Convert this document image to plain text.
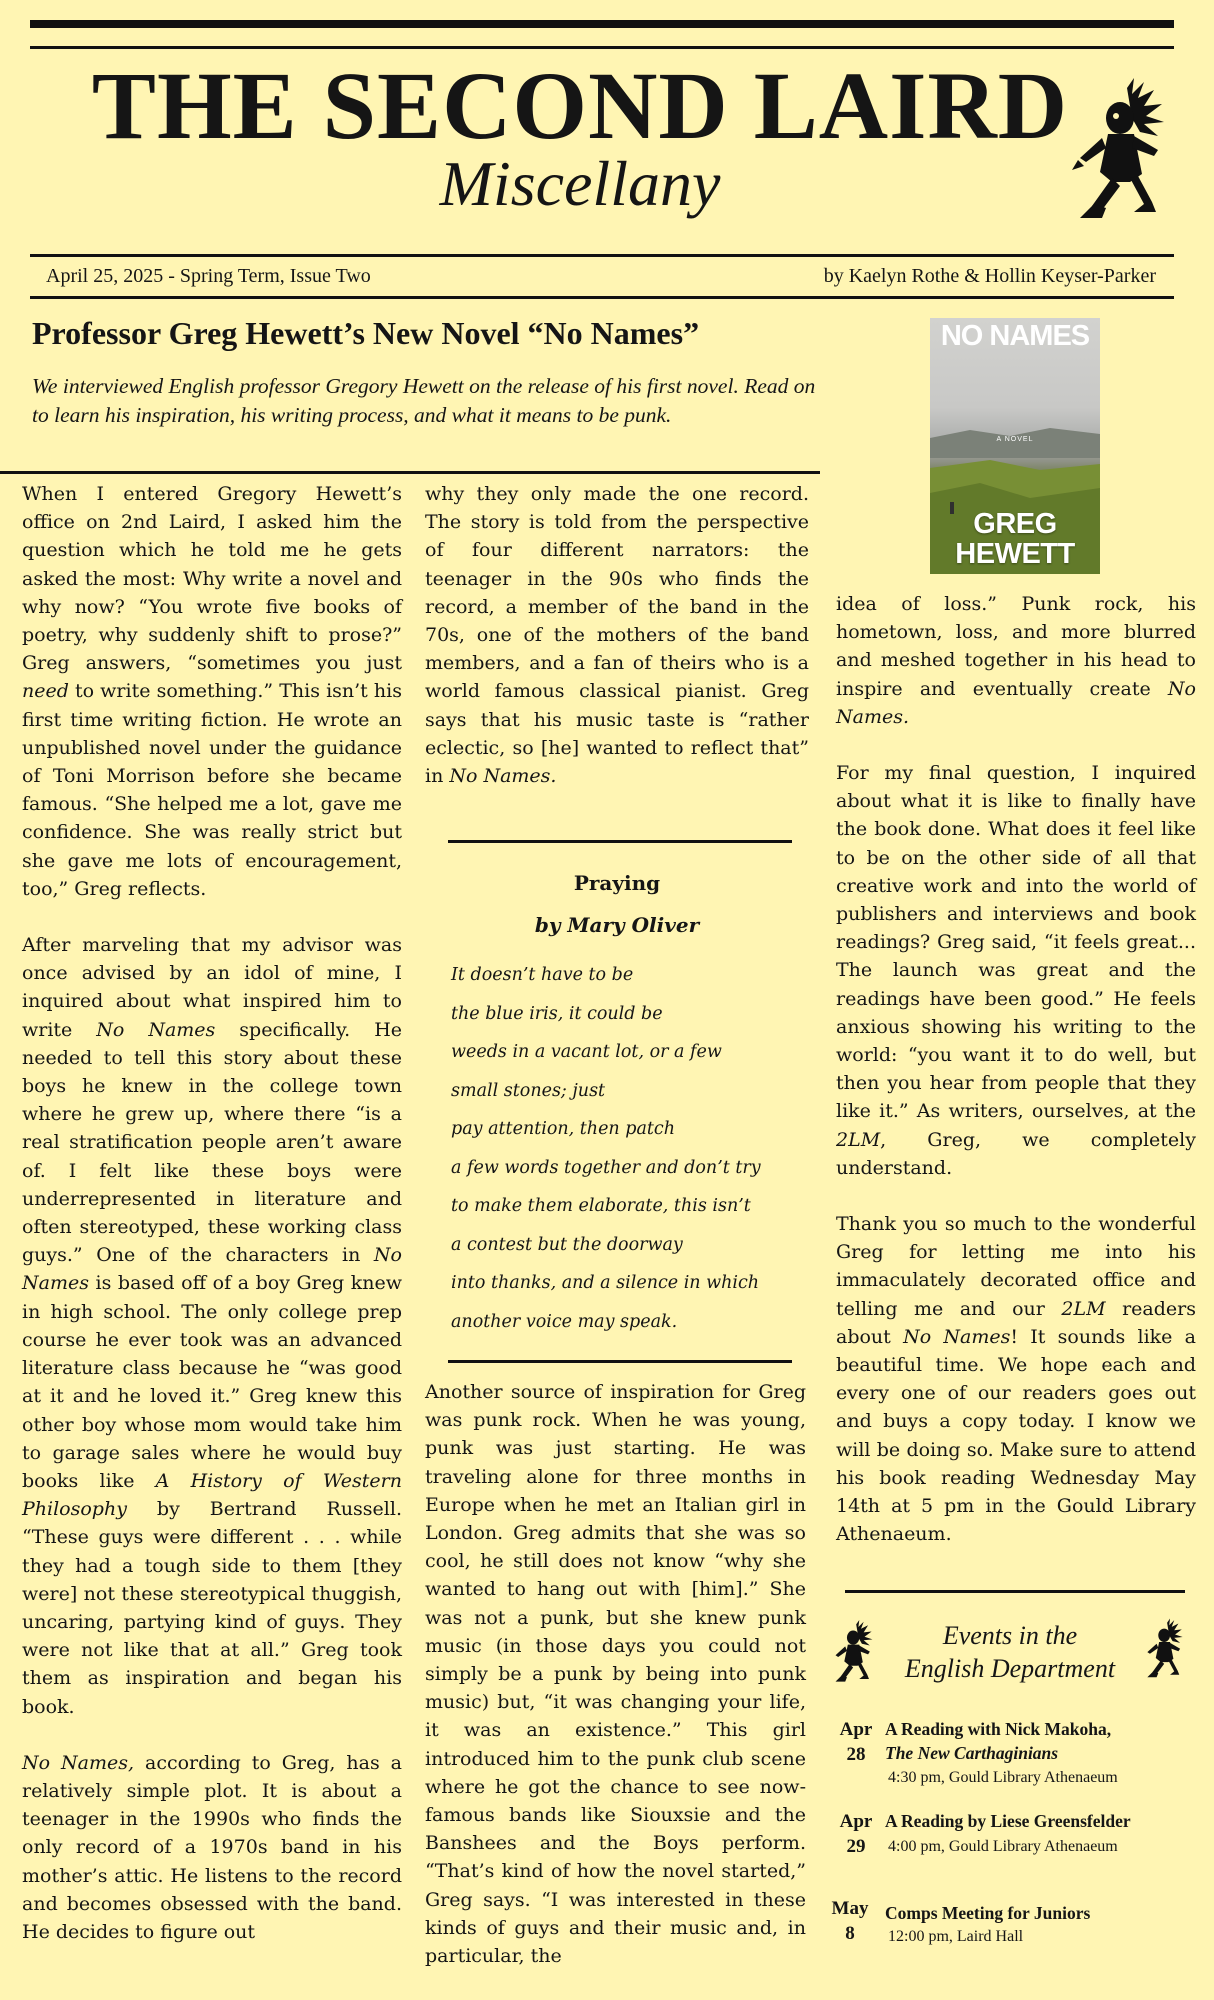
THE SECOND LAIRD
Miscellany
April 25, 2025 - Spring Term, Issue Two	by Kaelyn Rothe & Hollin Keyser-Parker
Professor Greg Hewett’s New Novel “No Names”
We interviewed English professor Gregory Hewett on the release of his first novel. Read on to learn his inspiration, his writing process, and what it means to be punk.

When I entered Gregory Hewett’s office on 2nd Laird, I asked him the question which he told me he gets asked the most: Why write a novel and why now? “You wrote five books of poetry, why suddenly shift to prose?” Greg answers, “sometimes you just need to write something.” This isn’t his first time writing fiction. He wrote an unpublished novel under the guidance of Toni Morrison before she became famous. “She helped me a lot, gave me confidence. She was really strict but she gave me lots of encouragement, too,” Greg reflects.

After marveling that my advisor was once advised by an idol of mine, I inquired about what inspired him to write No Names specifically. He needed to tell this story about these boys he knew in the college town where he grew up, where there “is a real stratification people aren’t aware of. I felt like these boys were underrepresented in literature and often stereotyped, these working class guys.” One of the characters in No Names is based off of a boy Greg knew in high school. The only college prep course he ever took was an advanced literature class because he “was good at it and he loved it.” Greg knew this other boy whose mom would take him to garage sales where he would buy books like A History of Western Philosophy by Bertrand Russell. “These guys were different . . . while they had a tough side to them [they were] not these stereotypical thuggish, uncaring, partying kind of guys. They were not like that at all.” Greg took them as inspiration and began his book.

No Names, according to Greg, has a relatively simple plot. It is about a teenager in the 1990s who finds the only record of a 1970s band in his mother’s attic. He listens to the record and becomes obsessed with the band. He decides to figure out

why they only made the one record. The story is told from the perspective of four different narrators: the teenager in the 90s who finds the record, a member of the band in the 70s, one of the mothers of the band members, and a fan of theirs who is a world famous classical pianist. Greg says that his music taste is “rather eclectic, so [he] wanted to reflect that” in No Names.

Praying
by Mary Oliver
It doesn’t have to be
the blue iris, it could be
weeds in a vacant lot, or a few
small stones; just
pay attention, then patch
a few words together and don’t try
to make them elaborate, this isn’t
a contest but the doorway
into thanks, and a silence in which
another voice may speak.

Another source of inspiration for Greg was punk rock. When he was young, punk was just starting. He was traveling alone for three months in Europe when he met an Italian girl in London. Greg admits that she was so cool, he still does not know “why she wanted to hang out with [him].” She was not a punk, but she knew punk music (in those days you could not simply be a punk by being into punk music) but, “it was changing your life, it was an existence.” This girl introduced him to the punk club scene where he got the chance to see now-famous bands like Siouxsie and the Banshees and the Boys perform. “That’s kind of how the novel started,” Greg says. “I was interested in these kinds of guys and their music and, in particular, the

NO NAMES
A NOVEL
GREG
HEWETT

idea of loss.” Punk rock, his hometown, loss, and more blurred and meshed together in his head to inspire and eventually create No Names.

For my final question, I inquired about what it is like to finally have the book done. What does it feel like to be on the other side of all that creative work and into the world of publishers and interviews and book readings? Greg said, “it feels great... The launch was great and the readings have been good.” He feels anxious showing his writing to the world: “you want it to do well, but then you hear from people that they like it.” As writers, ourselves, at the 2LM, Greg, we completely understand.

Thank you so much to the wonderful Greg for letting me into his immaculately decorated office and telling me and our 2LM readers about No Names! It sounds like a beautiful time. We hope each and every one of our readers goes out and buys a copy today. I know we will be doing so. Make sure to attend his book reading Wednesday May 14th at 5 pm in the Gould Library Athenaeum.

Events in the
English Department
Apr
28
A Reading with Nick Makoha,
The New Carthaginians
4:30 pm, Gould Library Athenaeum
Apr
29
A Reading by Liese Greensfelder
4:00 pm, Gould Library Athenaeum
May
8
Comps Meeting for Juniors
12:00 pm, Laird Hall
